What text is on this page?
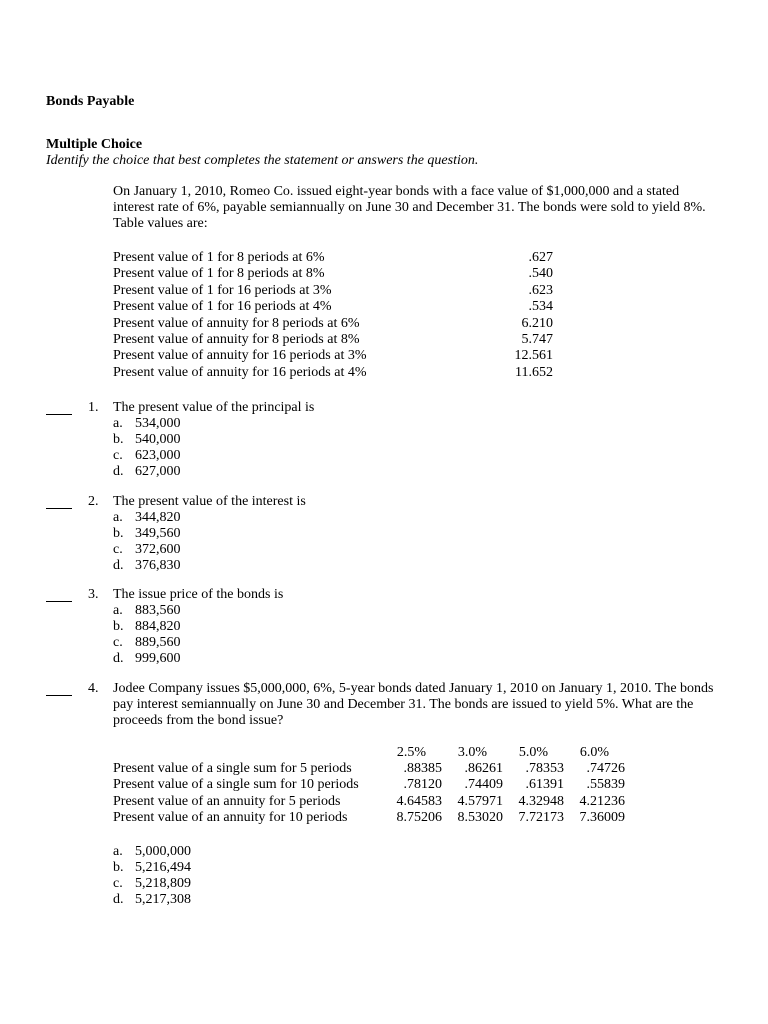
Bonds Payable
Multiple Choice
Identify the choice that best completes the statement or answers the question.
On January 1, 2010, Romeo Co. issued eight-year bonds with a face value of $1,000,000 and a stated interest rate of 6%, payable semiannually on June 30 and December 31. The bonds were sold to yield 8%. Table values are:
Present value of 1 for 8 periods at 6%	.627
Present value of 1 for 8 periods at 8%	.540
Present value of 1 for 16 periods at 3%	.623
Present value of 1 for 16 periods at 4%	.534
Present value of annuity for 8 periods at 6%	6.210
Present value of annuity for 8 periods at 8%	5.747
Present value of annuity for 16 periods at 3%	12.561
Present value of annuity for 16 periods at 4%	11.652
1. The present value of the principal is
a. 534,000
b. 540,000
c. 623,000
d. 627,000
2. The present value of the interest is
a. 344,820
b. 349,560
c. 372,600
d. 376,830
3. The issue price of the bonds is
a. 883,560
b. 884,820
c. 889,560
d. 999,600
4. Jodee Company issues $5,000,000, 6%, 5-year bonds dated January 1, 2010 on January 1, 2010. The bonds pay interest semiannually on June 30 and December 31. The bonds are issued to yield 5%. What are the proceeds from the bond issue?
2.5%	3.0%	5.0%	6.0%
Present value of a single sum for 5 periods	.88385	.86261	.78353	.74726
Present value of a single sum for 10 periods	.78120	.74409	.61391	.55839
Present value of an annuity for 5 periods	4.64583	4.57971	4.32948	4.21236
Present value of an annuity for 10 periods	8.75206	8.53020	7.72173	7.36009
a. 5,000,000
b. 5,216,494
c. 5,218,809
d. 5,217,308
